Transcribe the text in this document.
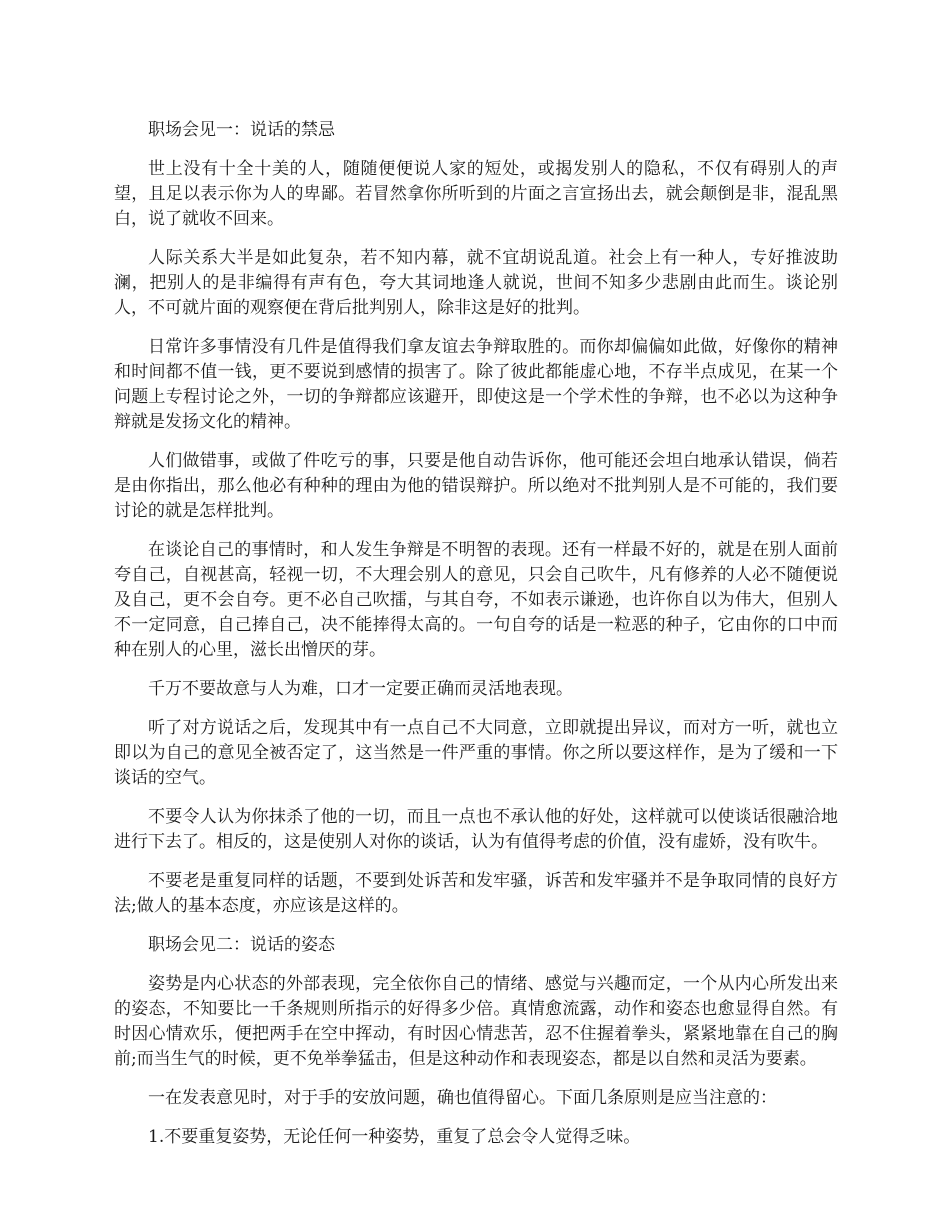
职场会见一：说话的禁忌

世上没有十全十美的人，随随便便说人家的短处，或揭发别人的隐私，不仅有碍别人的声望，且足以表示你为人的卑鄙。若冒然拿你所听到的片面之言宣扬出去，就会颠倒是非，混乱黑白，说了就收不回来。

人际关系大半是如此复杂，若不知内幕，就不宜胡说乱道。社会上有一种人，专好推波助澜，把别人的是非编得有声有色，夸大其词地逢人就说，世间不知多少悲剧由此而生。谈论别人，不可就片面的观察便在背后批判别人，除非这是好的批判。

日常许多事情没有几件是值得我们拿友谊去争辩取胜的。而你却偏偏如此做，好像你的精神和时间都不值一钱，更不要说到感情的损害了。除了彼此都能虚心地，不存半点成见，在某一个问题上专程讨论之外，一切的争辩都应该避开，即使这是一个学术性的争辩，也不必以为这种争辩就是发扬文化的精神。

人们做错事，或做了件吃亏的事，只要是他自动告诉你，他可能还会坦白地承认错误，倘若是由你指出，那么他必有种种的理由为他的错误辩护。所以绝对不批判别人是不可能的，我们要讨论的就是怎样批判。

在谈论自己的事情时，和人发生争辩是不明智的表现。还有一样最不好的，就是在别人面前夸自己，自视甚高，轻视一切，不大理会别人的意见，只会自己吹牛，凡有修养的人必不随便说及自己，更不会自夸。更不必自己吹擂，与其自夸，不如表示谦逊，也许你自以为伟大，但别人不一定同意，自己捧自己，决不能捧得太高的。一句自夸的话是一粒恶的种子，它由你的口中而种在别人的心里，滋长出憎厌的芽。

千万不要故意与人为难，口才一定要正确而灵活地表现。

听了对方说话之后，发现其中有一点自己不大同意，立即就提出异议，而对方一听，就也立即以为自己的意见全被否定了，这当然是一件严重的事情。你之所以要这样作，是为了缓和一下谈话的空气。

不要令人认为你抹杀了他的一切，而且一点也不承认他的好处，这样就可以使谈话很融洽地进行下去了。相反的，这是使别人对你的谈话，认为有值得考虑的价值，没有虚娇，没有吹牛。

不要老是重复同样的话题，不要到处诉苦和发牢骚，诉苦和发牢骚并不是争取同情的良好方法;做人的基本态度，亦应该是这样的。

职场会见二：说话的姿态

姿势是内心状态的外部表现，完全依你自己的情绪、感觉与兴趣而定，一个从内心所发出来的姿态，不知要比一千条规则所指示的好得多少倍。真情愈流露，动作和姿态也愈显得自然。有时因心情欢乐，便把两手在空中挥动，有时因心情悲苦，忍不住握着拳头，紧紧地靠在自己的胸前;而当生气的时候，更不免举拳猛击，但是这种动作和表现姿态，都是以自然和灵活为要素。

一在发表意见时，对于手的安放问题，确也值得留心。下面几条原则是应当注意的：

1.不要重复姿势，无论任何一种姿势，重复了总会令人觉得乏味。
